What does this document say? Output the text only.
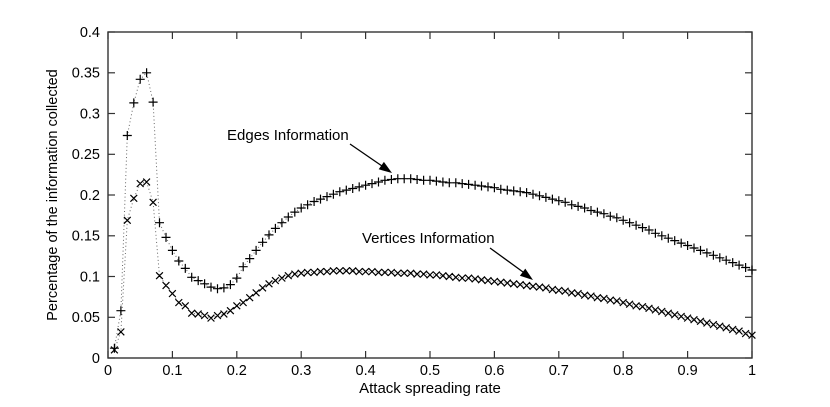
0	0.1	0.2	0.3	0.4	0.5	0.6	0.7	0.8	0.9	1
0
0.05
0.1
0.15
0.2
0.25
0.3
0.35
0.4
Attack spreading rate
Percentage of the information collected	Edges Information
Vertices Information
